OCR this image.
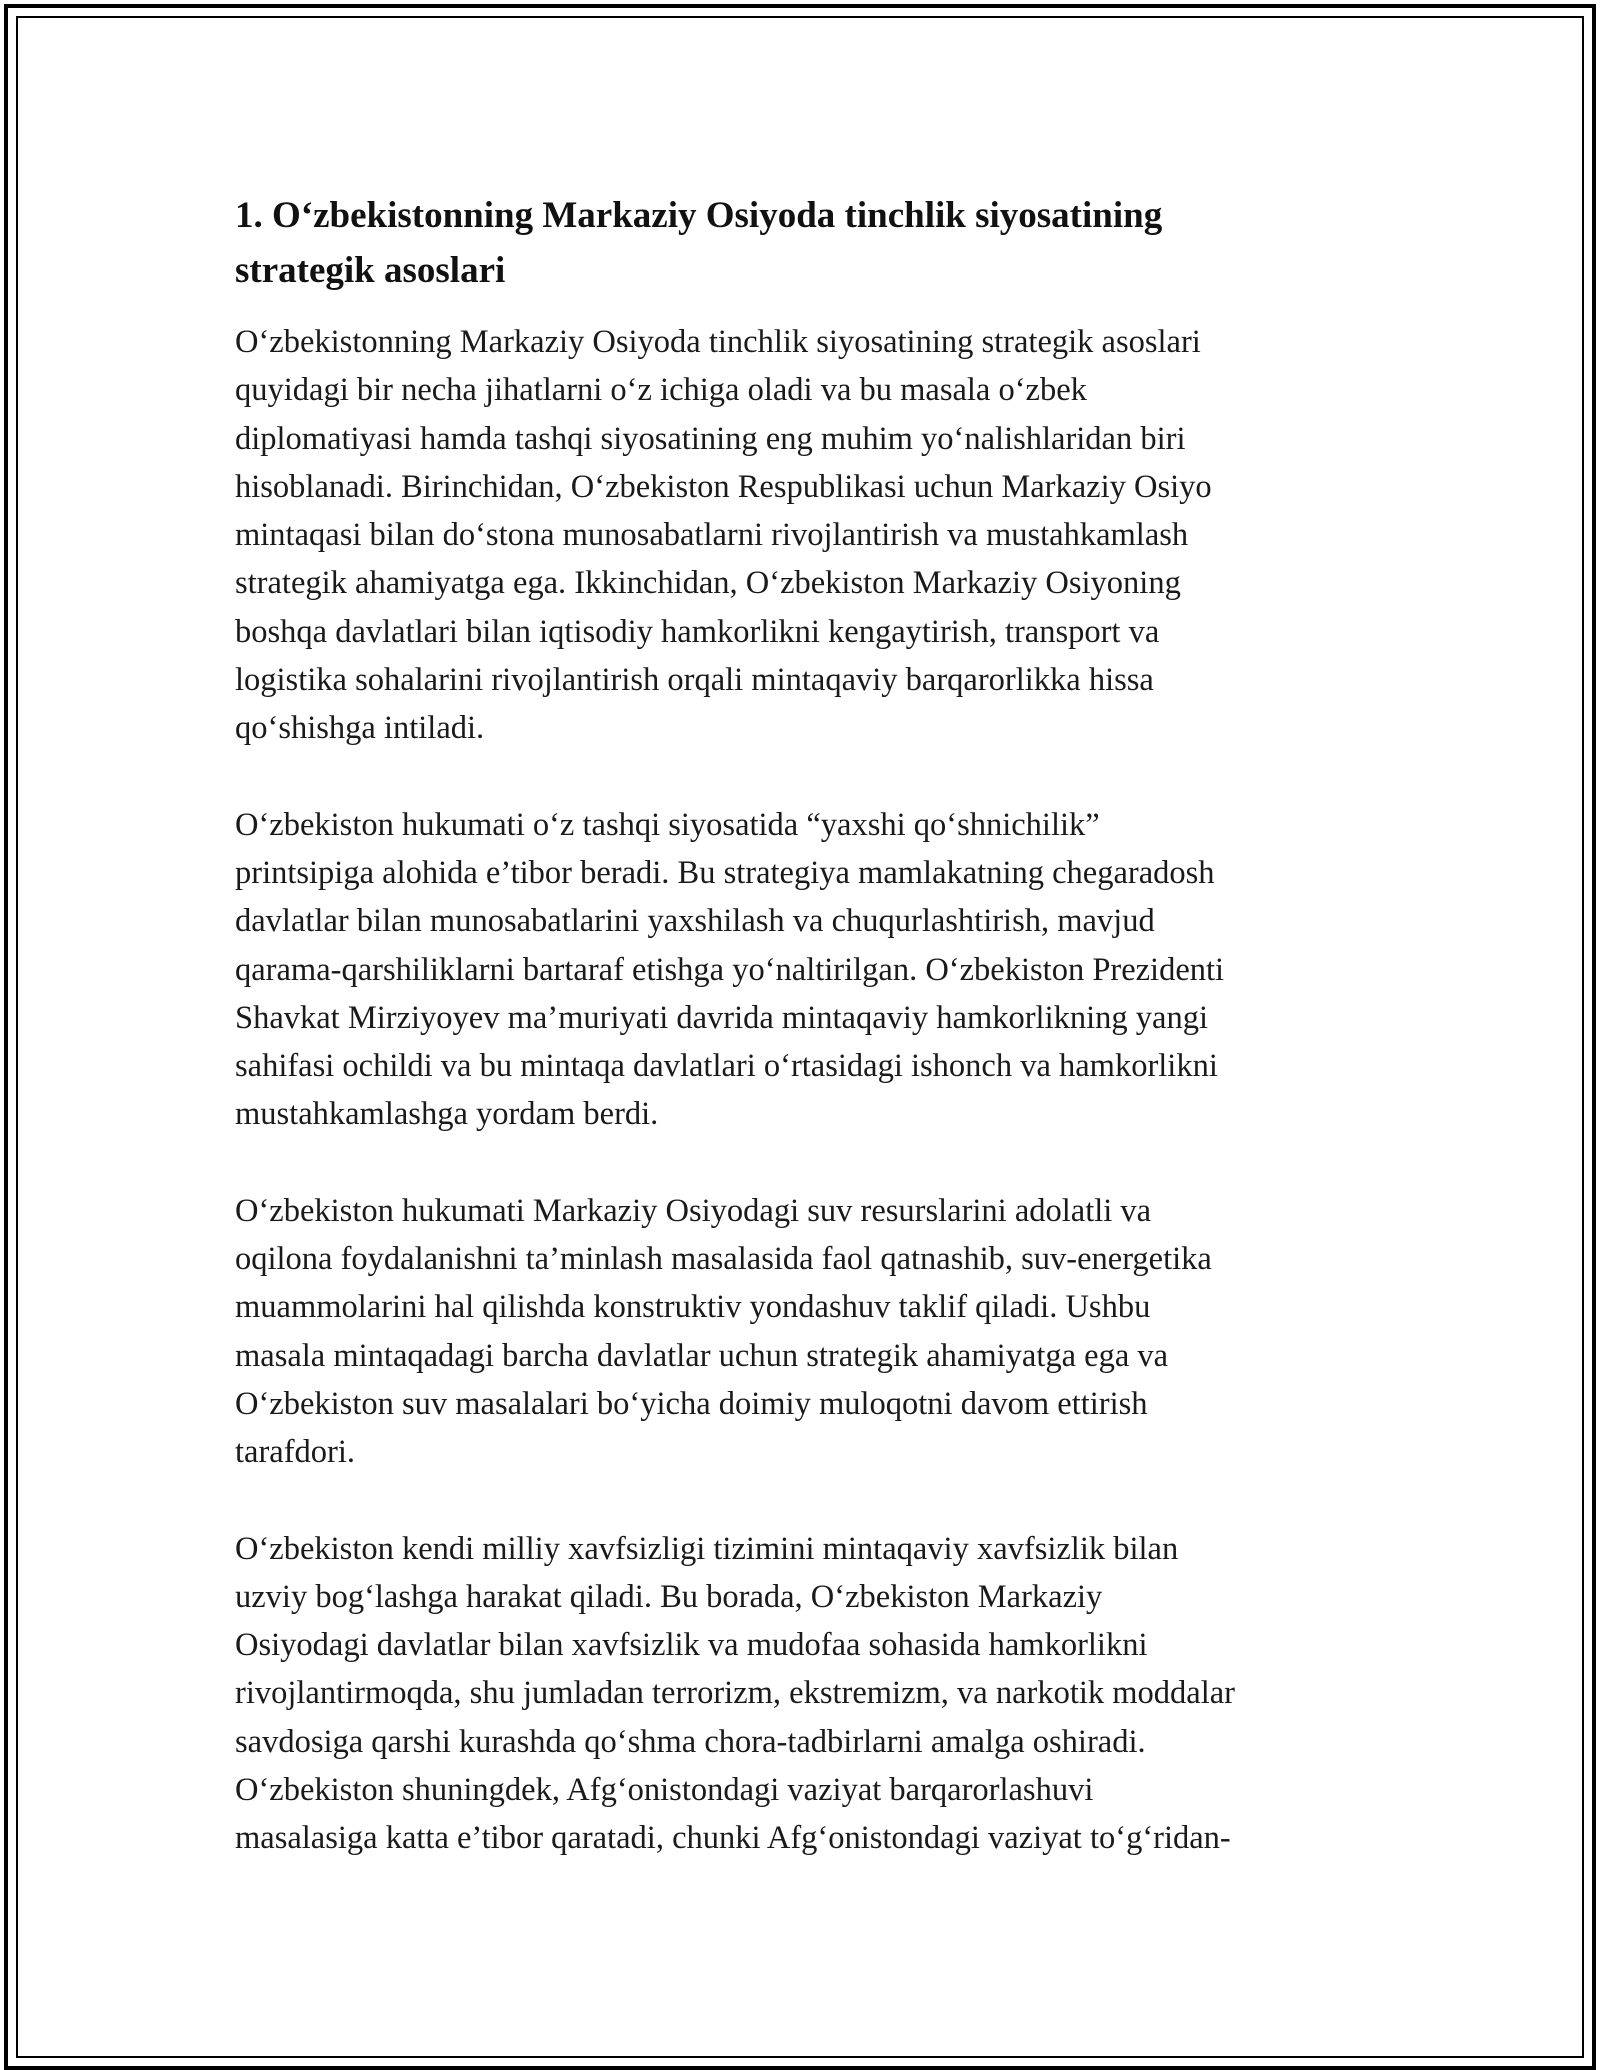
1. O‘zbekistonning Markaziy Osiyoda tinchlik siyosatining
strategik asoslari

O‘zbekistonning Markaziy Osiyoda tinchlik siyosatining strategik asoslari
quyidagi bir necha jihatlarni o‘z ichiga oladi va bu masala o‘zbek
diplomatiyasi hamda tashqi siyosatining eng muhim yo‘nalishlaridan biri
hisoblanadi. Birinchidan, O‘zbekiston Respublikasi uchun Markaziy Osiyo
mintaqasi bilan do‘stona munosabatlarni rivojlantirish va mustahkamlash
strategik ahamiyatga ega. Ikkinchidan, O‘zbekiston Markaziy Osiyoning
boshqa davlatlari bilan iqtisodiy hamkorlikni kengaytirish, transport va
logistika sohalarini rivojlantirish orqali mintaqaviy barqarorlikka hissa
qo‘shishga intiladi.

O‘zbekiston hukumati o‘z tashqi siyosatida “yaxshi qo‘shnichilik”
printsipiga alohida e’tibor beradi. Bu strategiya mamlakatning chegaradosh
davlatlar bilan munosabatlarini yaxshilash va chuqurlashtirish, mavjud
qarama-qarshiliklarni bartaraf etishga yo‘naltirilgan. O‘zbekiston Prezidenti
Shavkat Mirziyoyev ma’muriyati davrida mintaqaviy hamkorlikning yangi
sahifasi ochildi va bu mintaqa davlatlari o‘rtasidagi ishonch va hamkorlikni
mustahkamlashga yordam berdi.

O‘zbekiston hukumati Markaziy Osiyodagi suv resurslarini adolatli va
oqilona foydalanishni ta’minlash masalasida faol qatnashib, suv-energetika
muammolarini hal qilishda konstruktiv yondashuv taklif qiladi. Ushbu
masala mintaqadagi barcha davlatlar uchun strategik ahamiyatga ega va
O‘zbekiston suv masalalari bo‘yicha doimiy muloqotni davom ettirish
tarafdori.

O‘zbekiston kendi milliy xavfsizligi tizimini mintaqaviy xavfsizlik bilan
uzviy bog‘lashga harakat qiladi. Bu borada, O‘zbekiston Markaziy
Osiyodagi davlatlar bilan xavfsizlik va mudofaa sohasida hamkorlikni
rivojlantirmoqda, shu jumladan terrorizm, ekstremizm, va narkotik moddalar
savdosiga qarshi kurashda qo‘shma chora-tadbirlarni amalga oshiradi.
O‘zbekiston shuningdek, Afg‘onistondagi vaziyat barqarorlashuvi
masalasiga katta e’tibor qaratadi, chunki Afg‘onistondagi vaziyat to‘g‘ridan-
